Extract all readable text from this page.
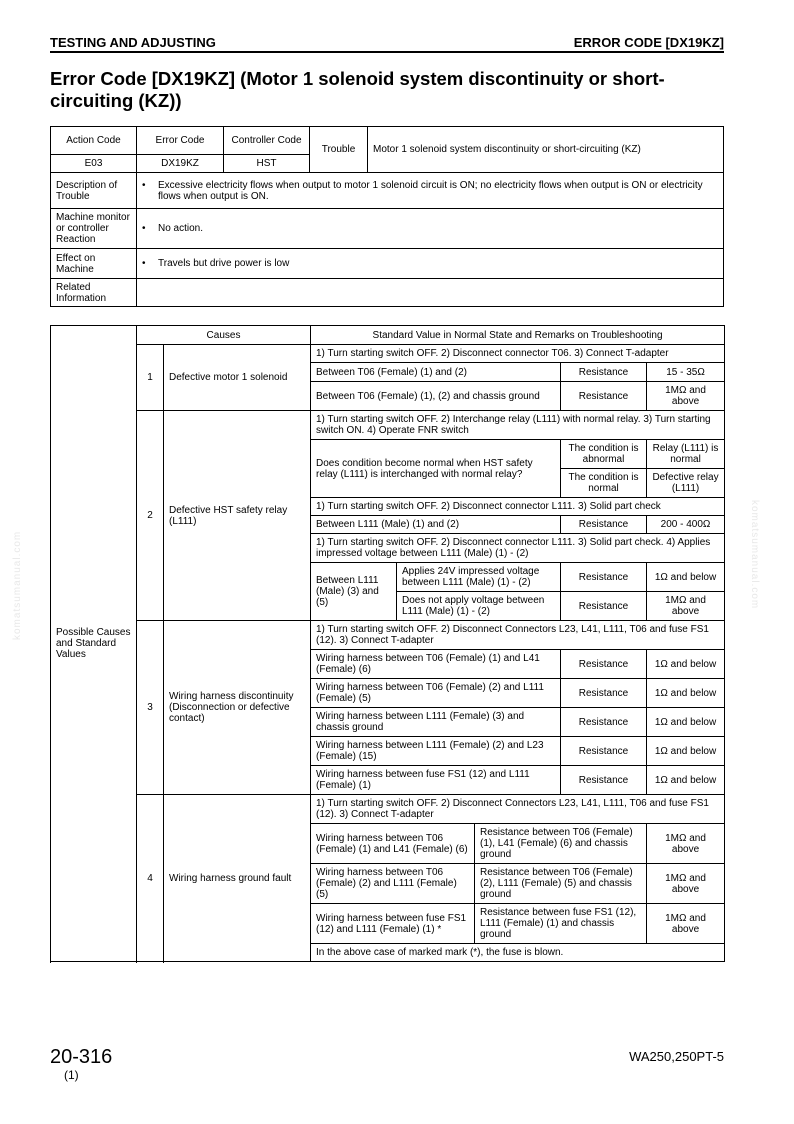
TESTING AND ADJUSTING	ERROR CODE [DX19KZ]
Error Code [DX19KZ] (Motor 1 solenoid system discontinuity or short-circuiting (KZ))
Action Code	Error Code	Controller Code	Trouble	Motor 1 solenoid system discontinuity or short-circuiting (KZ)
E03	DX19KZ	HST		
Description of Trouble	• Excessive electricity flows when output to motor 1 solenoid circuit is ON; no electricity flows when output is ON or electricity flows when output is ON.			

Machine monitor or controller Reaction	• No action.			

Effect on Machine	• Travels but drive power is low			

Related Information				
Possible Causes and Standard Values	Causes		Standard Value in Normal State and Remarks on Troubleshooting				
	1	Defective motor 1 solenoid	1) Turn starting switch OFF. 2) Disconnect connector T06. 3) Connect T-adapter				
			Between T06 (Female) (1) and (2)			Resistance	15 - 35Ω
			Between T06 (Female) (1), (2) and chassis ground			Resistance	1MΩ and above
	2	Defective HST safety relay (L111)	1) Turn starting switch OFF. 2) Interchange relay (L111) with normal relay. 3) Turn starting switch ON. 4) Operate FNR switch				
			Does condition become normal when HST safety relay (L111) is interchanged with normal relay?			The condition is abnormal	Relay (L111) is normal
						The condition is normal	Defective relay (L111)
			1) Turn starting switch OFF. 2) Disconnect connector L111. 3) Solid part check				
			Between L111 (Male) (1) and (2)			Resistance	200 - 400Ω
			1) Turn starting switch OFF. 2) Disconnect connector L111. 3) Solid part check. 4) Applies impressed voltage between L111 (Male) (1) - (2)				
			Between L111 (Male) (3) and (5)	Applies 24V impressed voltage between L111 (Male) (1) - (2)		Resistance	1Ω and below
				Does not apply voltage between L111 (Male) (1) - (2)		Resistance	1MΩ and above

	3	Wiring harness discontinuity (Disconnection or defective contact)	1) Turn starting switch OFF. 2) Disconnect Connectors L23, L41, L111, T06 and fuse FS1 (12). 3) Connect T-adapter				
			Wiring harness between T06 (Female) (1) and L41 (Female) (6)			Resistance	1Ω and below
			Wiring harness between T06 (Female) (2) and L111 (Female) (5)			Resistance	1Ω and below
			Wiring harness between L111 (Female) (3) and chassis ground			Resistance	1Ω and below
			Wiring harness between L111 (Female) (2) and L23 (Female) (15)			Resistance	1Ω and below
			Wiring harness between fuse FS1 (12) and L111 (Female) (1)			Resistance	1Ω and below

	4	Wiring harness ground fault	1) Turn starting switch OFF. 2) Disconnect Connectors L23, L41, L111, T06 and fuse FS1 (12). 3) Connect T-adapter				
			Wiring harness between T06 (Female) (1) and L41 (Female) (6)		Resistance between T06 (Female) (1), L41 (Female) (6) and chassis ground		1MΩ and above
			Wiring harness between T06 (Female) (2) and L111 (Female) (5)		Resistance between T06 (Female) (2), L111 (Female) (5) and chassis ground		1MΩ and above
			Wiring harness between fuse FS1 (12) and L111 (Female) (1) *		Resistance between fuse FS1 (12), L111 (Female) (1) and chassis ground		1MΩ and above
			In the above case of marked mark (*), the fuse is blown.				

komatsumanual.com	komatsumanual.com
20-316
(1)
WA250,250PT-5
